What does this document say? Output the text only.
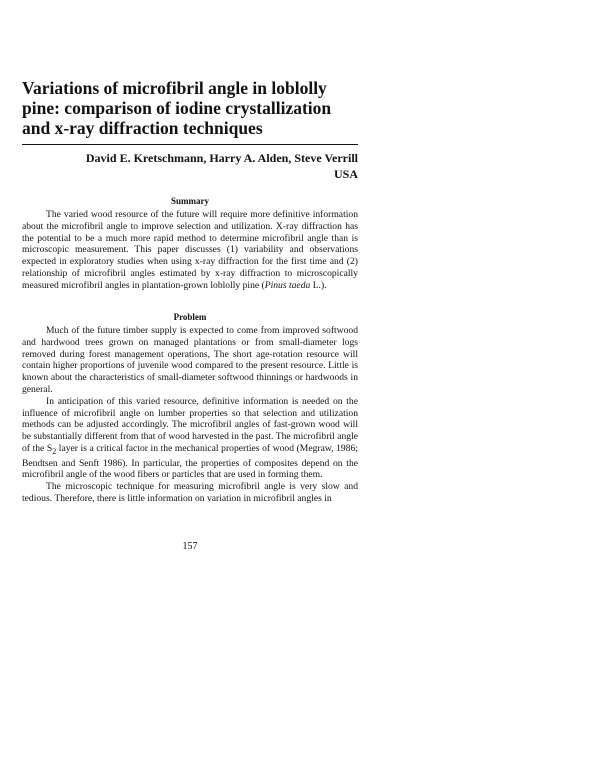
Variations of microfibril angle in loblolly pine: comparison of iodine crystallization and x-ray diffraction techniques
David E. Kretschmann, Harry A. Alden, Steve Verrill
USA
Summary

The varied wood resource of the future will require more definitive information about the microfibril angle to improve selection and utilization. X-ray diffraction has the potential to be a much more rapid method to determine microfibril angle than is microscopic measurement. This paper discusses (1) variability and observations expected in exploratory studies when using x-ray diffraction for the first time and (2) relationship of microfibril angles estimated by x-ray diffraction to microscopically measured microfibril angles in plantation-grown loblolly pine (Pinus taeda L.).

Problem

Much of the future timber supply is expected to come from improved softwood and hardwood trees grown on managed plantations or from small-diameter logs removed during forest management operations, The short age-rotation resource will contain higher proportions of juvenile wood compared to the present resource. Little is known about the characteristics of small-diameter softwood thinnings or hardwoods in general.

In anticipation of this varied resource, definitive information is needed on the influence of microfibril angle on lumber properties so that selection and utilization methods can be adjusted accordingly. The microfibril angles of fast-grown wood will be substantially different from that of wood harvested in the past. The microfibril angle of the $S_2$ layer is a critical factor in the mechanical properties of wood (Megraw, 1986; Bendtsen and Senft 1986). In particular, the properties of composites depend on the microfibril angle of the wood fibers or particles that are used in forming them.

The microscopic technique for measuring microfibril angle is very slow and tedious. Therefore, there is little information on variation in microfibril angles in

157
